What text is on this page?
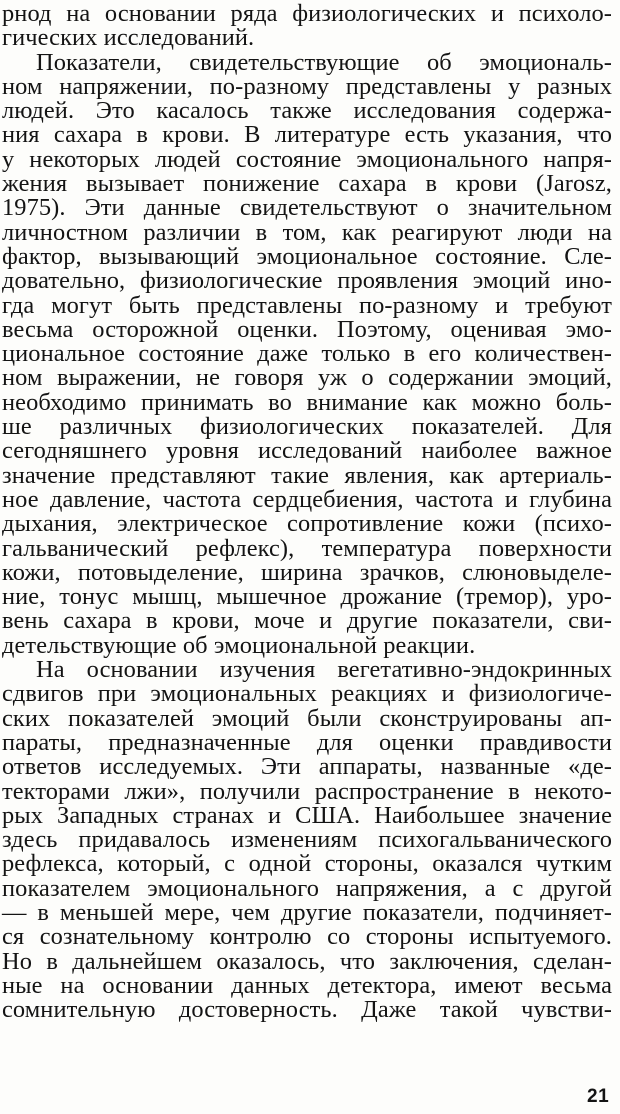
рнод на основании ряда физиологических и психоло-
гических исследований.
Показатели, свидетельствующие об эмоциональ-
ном напряжении, по-разному представлены у разных
людей. Это касалось также исследования содержа-
ния сахара в крови. В литературе есть указания, что
у некоторых людей состояние эмоционального напря-
жения вызывает понижение сахара в крови (Jarosz,
1975). Эти данные свидетельствуют о значительном
личностном различии в том, как реагируют люди на
фактор, вызывающий эмоциональное состояние. Сле-
довательно, физиологические проявления эмоций ино-
гда могут быть представлены по-разному и требуют
весьма осторожной оценки. Поэтому, оценивая эмо-
циональное состояние даже только в его количествен-
ном выражении, не говоря уж о содержании эмоций,
необходимо принимать во внимание как можно боль-
ше различных физиологических показателей. Для
сегодняшнего уровня исследований наиболее важное
значение представляют такие явления, как артериаль-
ное давление, частота сердцебиения, частота и глубина
дыхания, электрическое сопротивление кожи (психо-
гальванический рефлекс), температура поверхности
кожи, потовыделение, ширина зрачков, слюновыделе-
ние, тонус мышц, мышечное дрожание (тремор), уро-
вень сахара в крови, моче и другие показатели, сви-
детельствующие об эмоциональной реакции.
На основании изучения вегетативно-эндокринных
сдвигов при эмоциональных реакциях и физиологиче-
ских показателей эмоций были сконструированы ап-
параты, предназначенные для оценки правдивости
ответов исследуемых. Эти аппараты, названные «де-
текторами лжи», получили распространение в некото-
рых Западных странах и США. Наибольшее значение
здесь придавалось изменениям психогальванического
рефлекса, который, с одной стороны, оказался чутким
показателем эмоционального напряжения, а с другой
— в меньшей мере, чем другие показатели, подчиняет-
ся сознательному контролю со стороны испытуемого.
Но в дальнейшем оказалось, что заключения, сделан-
ные на основании данных детектора, имеют весьма
сомнительную достоверность. Даже такой чувстви-
21
